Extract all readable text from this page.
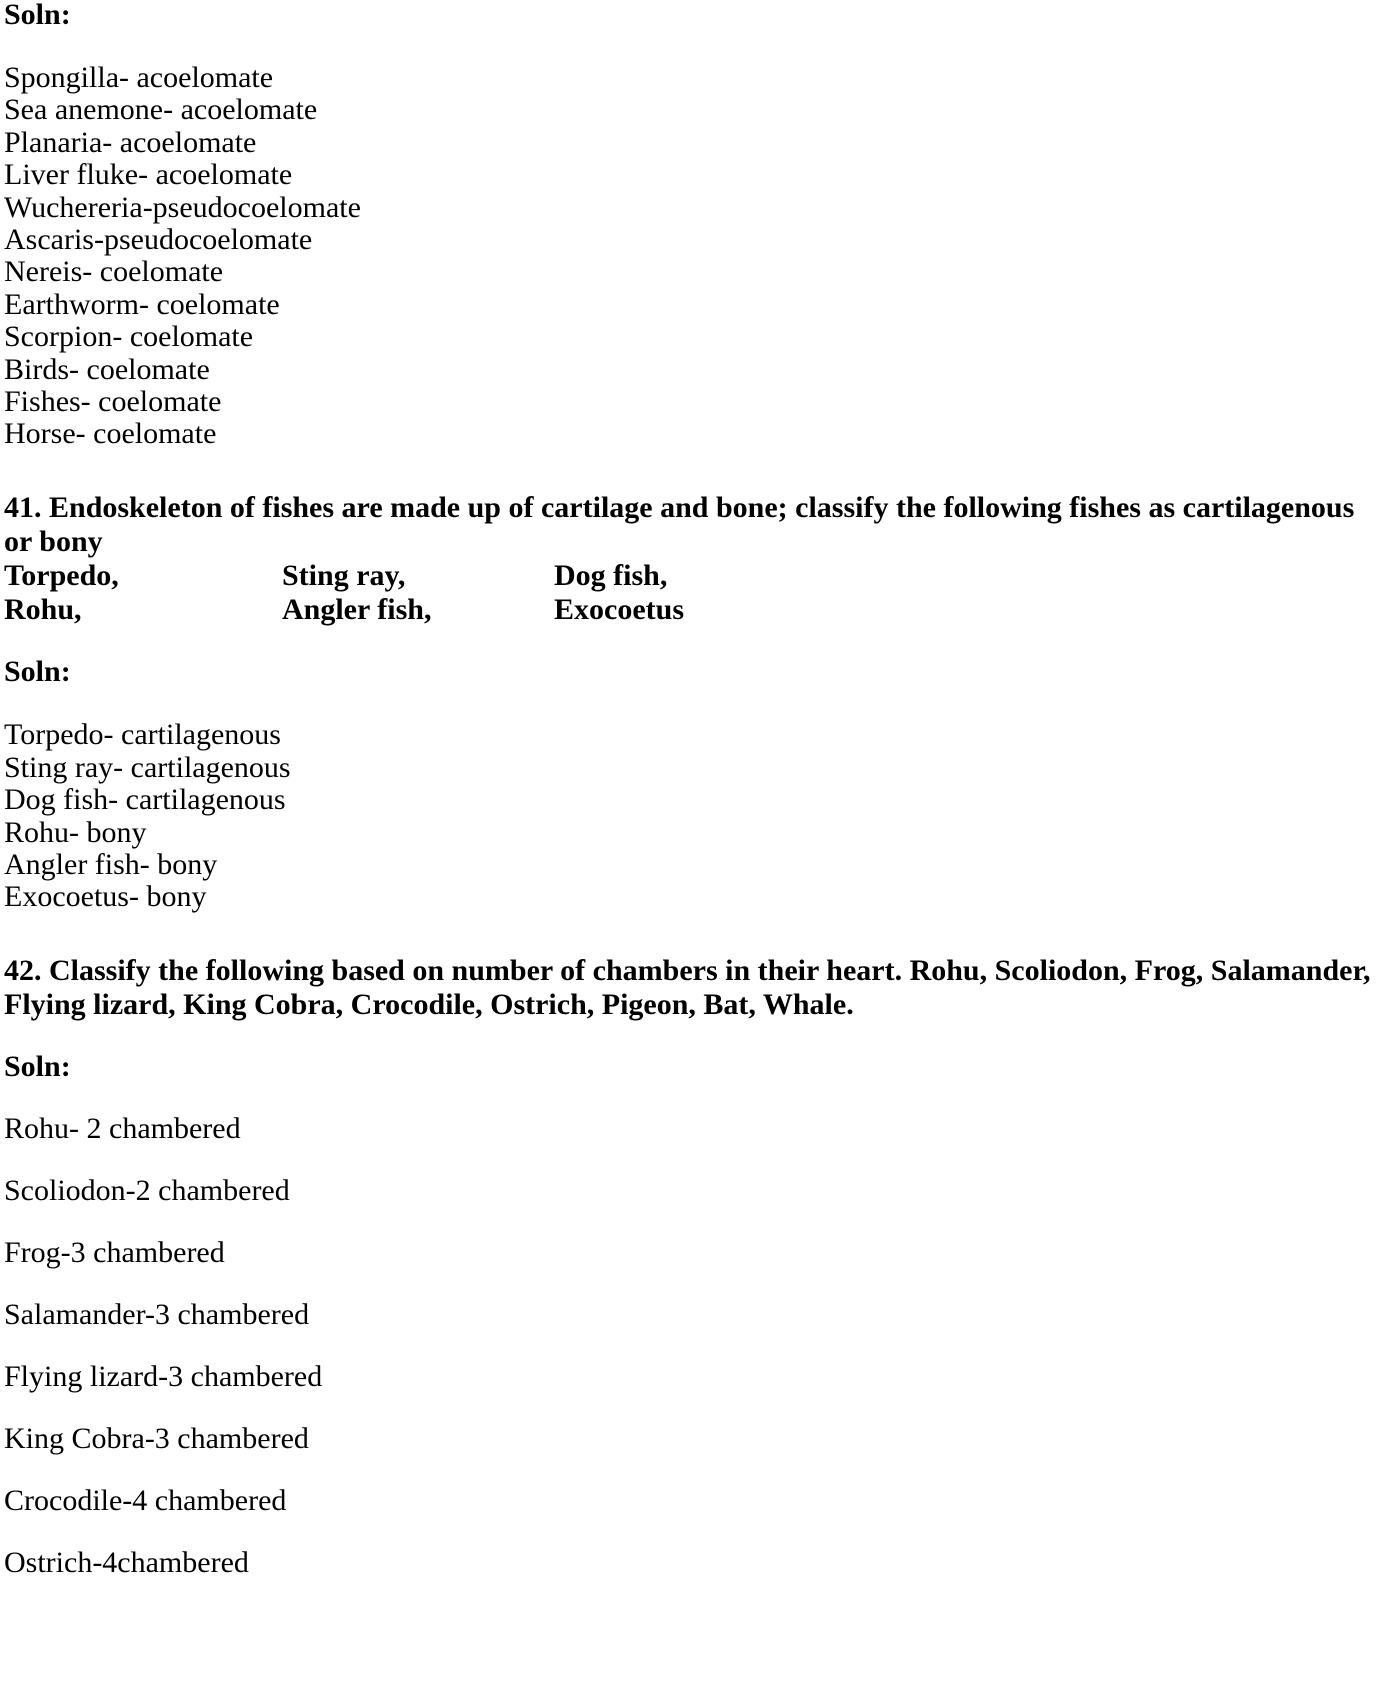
Soln:
Spongilla- acoelomate
Sea anemone- acoelomate
Planaria- acoelomate
Liver fluke- acoelomate
Wuchereria-pseudocoelomate
Ascaris-pseudocoelomate
Nereis- coelomate
Earthworm- coelomate
Scorpion- coelomate
Birds- coelomate
Fishes- coelomate
Horse- coelomate
41. Endoskeleton of fishes are made up of cartilage and bone; classify the following fishes as cartilagenous
or bony
Torpedo,	Sting ray,	Dog fish,
Rohu,	Angler fish,	Exocoetus
Soln:
Torpedo- cartilagenous
Sting ray- cartilagenous
Dog fish- cartilagenous
Rohu- bony
Angler fish- bony
Exocoetus- bony
42. Classify the following based on number of chambers in their heart. Rohu, Scoliodon, Frog, Salamander,
Flying lizard, King Cobra, Crocodile, Ostrich, Pigeon, Bat, Whale.
Soln:
Rohu- 2 chambered
Scoliodon-2 chambered
Frog-3 chambered
Salamander-3 chambered
Flying lizard-3 chambered
King Cobra-3 chambered
Crocodile-4 chambered
Ostrich-4chambered
